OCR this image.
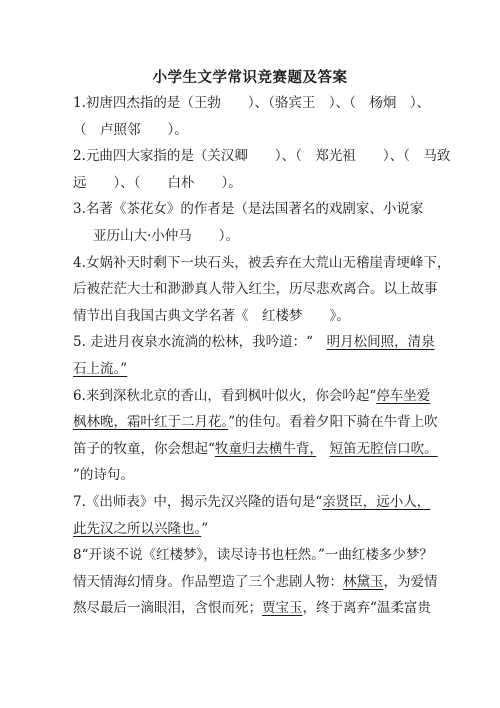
小学生文学常识竞赛题及答案

1.初唐四杰指的是（王勃　　）、（骆宾王　）、（　杨炯　）、
（　卢照邻　　）。

2.元曲四大家指的是（关汉卿　　）、（　郑光祖　　）、（　马致
远　　）、（　　白朴　　）。

3.名著《茶花女》的作者是（是法国著名的戏剧家、小说家
亚历山大·小仲马　　）。

4.女娲补天时剩下一块石头，被丢弃在大荒山无稽崖青埂峰下，
后被茫茫大士和渺渺真人带入红尘，历尽悲欢离合。以上故事
情节出自我国古典文学名著《　红楼梦　　》。

5. 走进月夜泉水流淌的松林，我吟道：“　明月松间照，清泉
石上流。”

6.来到深秋北京的香山，看到枫叶似火，你会吟起“停车坐爱
枫林晚，霜叶红于二月花。”的佳句。看着夕阳下骑在牛背上吹
笛子的牧童，你会想起“牧童归去横牛背，　 短笛无腔信口吹。
”的诗句。

7.《出师表》中，揭示先汉兴隆的语句是“亲贤臣，远小人，
此先汉之所以兴隆也。”

8“开谈不说《红楼梦》，读尽诗书也枉然。”一曲红楼多少梦？
情天情海幻情身。作品塑造了三个悲剧人物：林黛玉，为爱情
熬尽最后一滴眼泪，含恨而死；贾宝玉，终于离弃“温柔富贵
